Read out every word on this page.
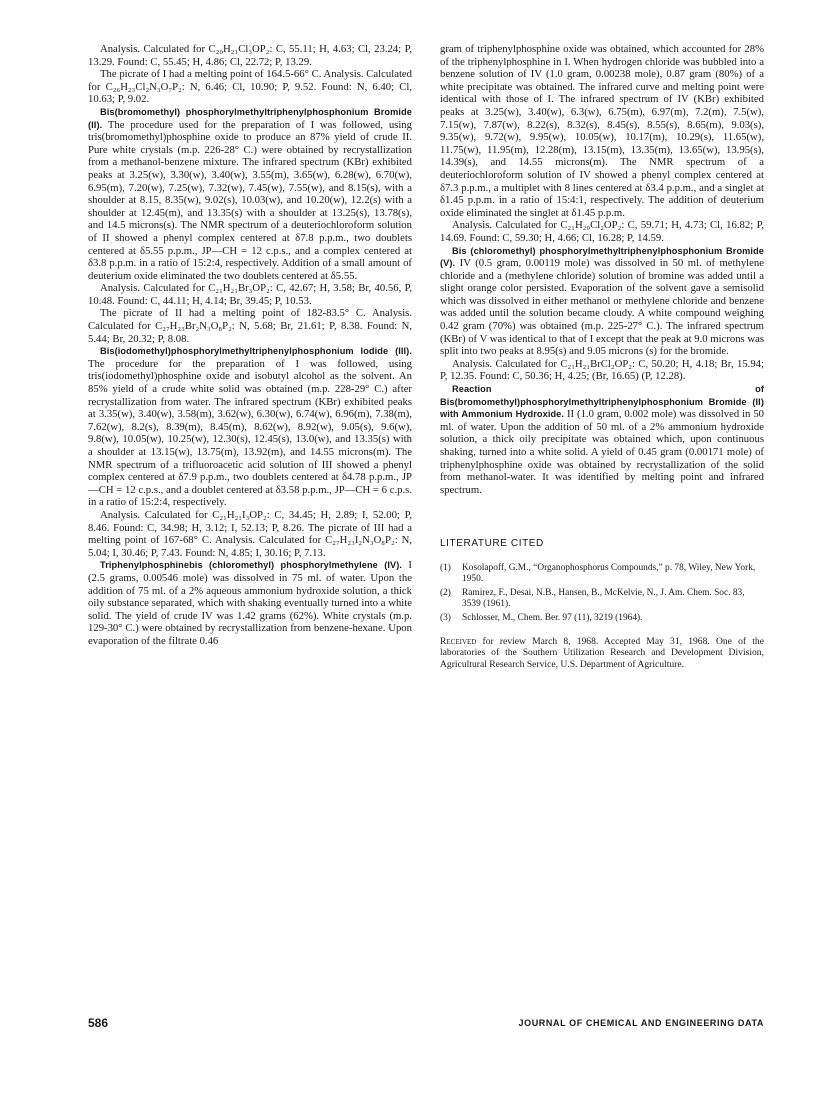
Analysis. Calculated for C₂₀H₂₁Cl₃OP₂: C, 55.11; H, 4.63; Cl, 23.24; P, 13.29. Found: C, 55.45; H, 4.86; Cl, 22.72; P, 13.29.

The picrate of I had a melting point of 164.5-66° C. Analysis. Calculated for C₂₆H₂₃Cl₂N₃O₇P₂: N, 6.46; Cl, 10.90; P, 9.52. Found: N, 6.40; Cl, 10.63; P, 9.02.

Bis(bromomethyl) phosphorylmethyltriphenylphosphonium Bromide (II). The procedure used for the preparation of I was followed, using tris(bromomethyl)phosphine oxide to produce an 87% yield of crude II. Pure white crystals (m.p. 226-28° C.) were obtained by recrystallization from a methanol-benzene mixture. The infrared spectrum (KBr) exhibited peaks at 3.25(w), 3.30(w), 3.40(w), 3.55(m), 3.65(w), 6.28(w), 6.70(w), 6.95(m), 7.20(w), 7.25(w), 7.32(w), 7.45(w), 7.55(w), and 8.15(s), with a shoulder at 8.15, 8.35(w), 9.02(s), 10.03(w), and 10.20(w), 12.2(s) with a shoulder at 12.45(m), and 13.35(s) with a shoulder at 13.25(s), 13.78(s), and 14.5 microns(s). The NMR spectrum of a deuteriochloroform solution of II showed a phenyl complex centered at δ7.8 p.p.m., two doublets centered at δ5.55 p.p.m., JP—CH = 12 c.p.s., and a complex centered at δ3.8 p.p.m. in a ratio of 15:2:4, respectively. Addition of a small amount of deuterium oxide eliminated the two doublets centered at δ5.55.

Analysis. Calculated for C₂₁H₂₁Br₃OP₂: C, 42.67; H, 3.58; Br, 40.56, P, 10.48. Found: C, 44.11; H, 4.14; Br, 39.45; P, 10.53.

The picrate of II had a melting point of 182-83.5° C. Analysis. Calculated for C₂₇H₂₃Br₂N₃O₈P₂: N, 5.68; Br, 21.61; P, 8.38. Found: N, 5.44; Br, 20.32; P, 8.08.

Bis(iodomethyl)phosphorylmethyltriphenylphosphonium Iodide (III). The procedure for the preparation of I was followed, using tris(iodomethyl)phosphine oxide and isobutyl alcohol as the solvent. An 85% yield of a crude white solid was obtained (m.p. 228-29° C.) after recrystallization from water. The infrared spectrum (KBr) exhibited peaks at 3.35(w), 3.40(w), 3.58(m), 3.62(w), 6.30(w), 6.74(w), 6.96(m), 7.38(m), 7.62(w), 8.2(s), 8.39(m), 8.45(m), 8.62(w), 8.92(w), 9.05(s), 9.6(w), 9.8(w), 10.05(w), 10.25(w), 12.30(s), 12.45(s), 13.0(w), and 13.35(s) with a shoulder at 13.15(w), 13.75(m), 13.92(m), and 14.55 microns(m). The NMR spectrum of a trifluoroacetic acid solution of III showed a phenyl complex centered at δ7.9 p.p.m., two doublets centered at δ4.78 p.p.m., JP—CH = 12 c.p.s., and a doublet centered at δ3.58 p.p.m., JP—CH = 6 c.p.s. in a ratio of 15:2:4, respectively.

Analysis. Calculated for C₂₁H₂₁I₃OP₂: C, 34.45; H, 2.89; I, 52.00; P, 8.46. Found: C, 34.98; H, 3.12; I, 52.13; P, 8.26. The picrate of III had a melting point of 167-68° C. Analysis. Calculated for C₂₇H₂₃I₂N₃O₈P₂: N, 5.04; I, 30.46; P, 7.43. Found: N, 4.85; I, 30.16; P, 7.13.

Triphenylphosphinebis (chloromethyl) phosphorylmethylene (IV). I (2.5 grams, 0.00546 mole) was dissolved in 75 ml. of water. Upon the addition of 75 ml. of a 2% aqueous ammonium hydroxide solution, a thick oily substance separated, which with shaking eventually turned into a white solid. The yield of crude IV was 1.42 grams (62%). White crystals (m.p. 129-30° C.) were obtained by recrystallization from benzene-hexane. Upon evaporation of the filtrate 0.46

gram of triphenylphosphine oxide was obtained, which accounted for 28% of the triphenylphosphine in I. When hydrogen chloride was bubbled into a benzene solution of IV (1.0 gram, 0.00238 mole), 0.87 gram (80%) of a white precipitate was obtained. The infrared curve and melting point were identical with those of I. The infrared spectrum of IV (KBr) exhibited peaks at 3.25(w), 3.40(w), 6.3(w), 6.75(m), 6.97(m), 7.2(m), 7.5(w), 7.15(w), 7.87(w), 8.22(s), 8.32(s), 8.45(s), 8.55(s), 8.65(m), 9.03(s), 9.35(w), 9.72(w), 9.95(w), 10.05(w), 10.17(m), 10.29(s), 11.65(w), 11.75(w), 11.95(m), 12.28(m), 13.15(m), 13.35(m), 13.65(w), 13.95(s), 14.39(s), and 14.55 microns(m). The NMR spectrum of a deuteriochloroform solution of IV showed a phenyl complex centered at δ7.3 p.p.m., a multiplet with 8 lines centered at δ3.4 p.p.m., and a singlet at δ1.45 p.p.m. in a ratio of 15:4:1, respectively. The addition of deuterium oxide eliminated the singlet at δ1.45 p.p.m.

Analysis. Calculated for C₂₁H₂₀Cl₂OP₂: C, 59.71; H, 4.73; Cl, 16.82; P, 14.69. Found: C, 59.30; H, 4.66; Cl, 16.28; P, 14.59.

Bis (chloromethyl) phosphorylmethyltriphenylphosphonium Bromide (V). IV (0.5 gram, 0.00119 mole) was dissolved in 50 ml. of methylene chloride and a (methylene chloride) solution of bromine was added until a slight orange color persisted. Evaporation of the solvent gave a semisolid which was dissolved in either methanol or methylene chloride and benzene was added until the solution became cloudy. A white compound weighing 0.42 gram (70%) was obtained (m.p. 225-27° C.). The infrared spectrum (KBr) of V was identical to that of I except that the peak at 9.0 microns was split into two peaks at 8.95(s) and 9.05 microns (s) for the bromide.

Analysis. Calculated for C₂₁H₂₁BrCl₂OP₂: C, 50.20; H, 4.18; Br, 15.94; P, 12.35. Found: C, 50.36; H, 4.25; (Br, 16.65) (P, 12.28).

Reaction of Bis(bromomethyl)phosphorylmethyltriphenylphosphonium Bromide (II) with Ammonium Hydroxide. II (1.0 gram, 0.002 mole) was dissolved in 50 ml. of water. Upon the addition of 50 ml. of a 2% ammonium hydroxide solution, a thick oily precipitate was obtained which, upon continuous shaking, turned into a white solid. A yield of 0.45 gram (0.00171 mole) of triphenylphosphine oxide was obtained by recrystallization of the solid from methanol-water. It was identified by melting point and infrared spectrum.

LITERATURE CITED
(1)	Kosolapoff, G.M., “Organophosphorus Compounds,” p. 78, Wiley, New York, 1950.
(2)	Ramirez, F., Desai, N.B., Hansen, B., McKelvie, N., J. Am. Chem. Soc. 83, 3539 (1961).
(3)	Schlosser, M., Chem. Ber. 97 (11), 3219 (1964).
Received for review March 8, 1968. Accepted May 31, 1968. One of the laboratories of the Southern Utilization Research and Development Division, Agricultural Research Service, U.S. Department of Agriculture.
586	JOURNAL OF CHEMICAL AND ENGINEERING DATA
